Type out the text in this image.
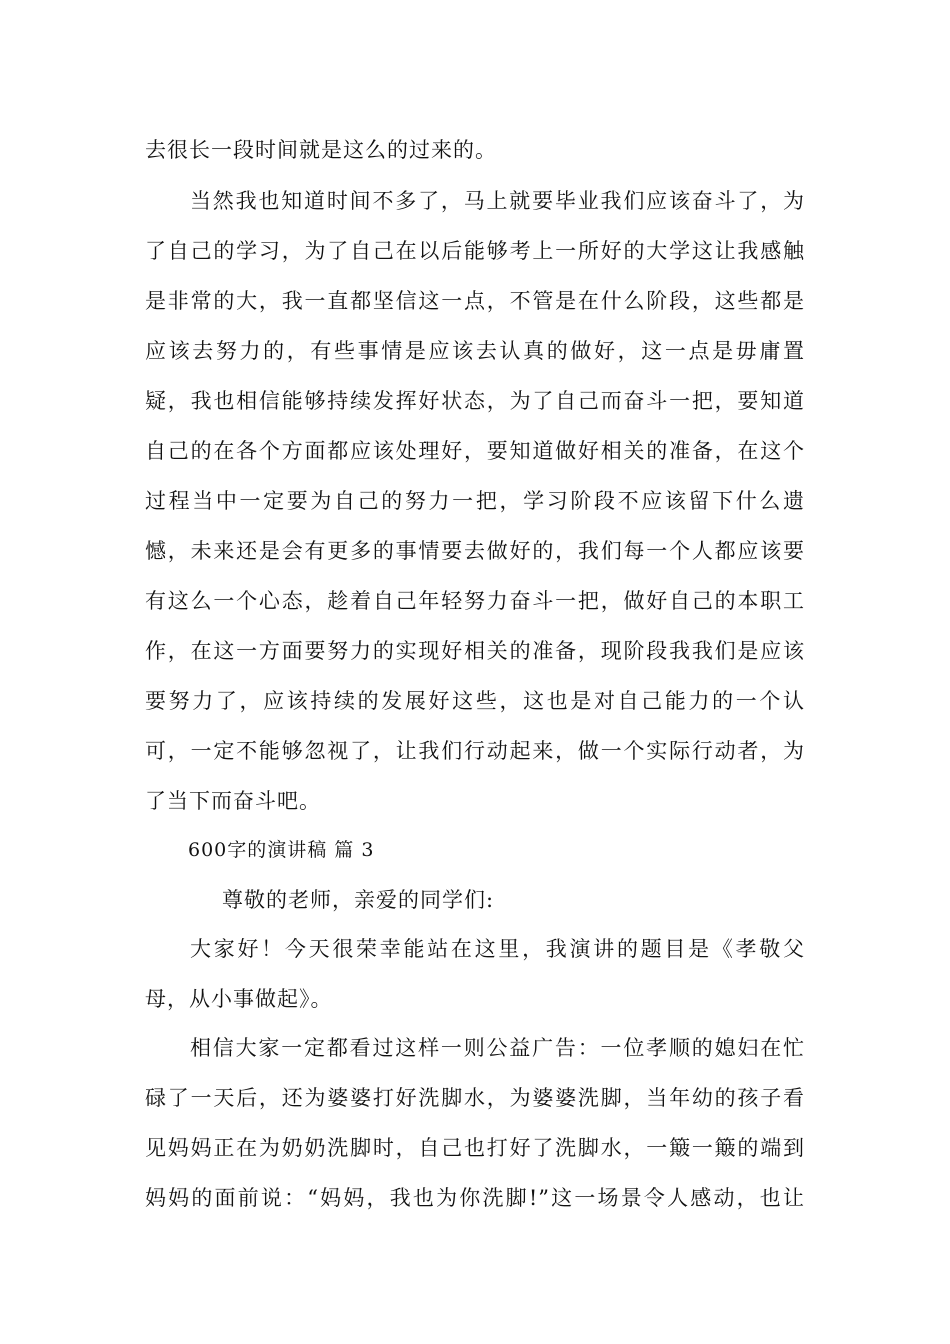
去很长一段时间就是这么的过来的。
当然我也知道时间不多了，马上就要毕业我们应该奋斗了，为
了自己的学习，为了自己在以后能够考上一所好的大学这让我感触
是非常的大，我一直都坚信这一点，不管是在什么阶段，这些都是
应该去努力的，有些事情是应该去认真的做好，这一点是毋庸置
疑，我也相信能够持续发挥好状态，为了自己而奋斗一把，要知道
自己的在各个方面都应该处理好，要知道做好相关的准备，在这个
过程当中一定要为自己的努力一把，学习阶段不应该留下什么遗
憾，未来还是会有更多的事情要去做好的，我们每一个人都应该要
有这么一个心态，趁着自己年轻努力奋斗一把，做好自己的本职工
作，在这一方面要努力的实现好相关的准备，现阶段我我们是应该
要努力了，应该持续的发展好这些，这也是对自己能力的一个认
可，一定不能够忽视了，让我们行动起来，做一个实际行动者，为
了当下而奋斗吧。
600字的演讲稿 篇 3
尊敬的老师，亲爱的同学们:
大家好！今天很荣幸能站在这里，我演讲的题目是《孝敬父
母，从小事做起》。
相信大家一定都看过这样一则公益广告：一位孝顺的媳妇在忙
碌了一天后，还为婆婆打好洗脚水，为婆婆洗脚，当年幼的孩子看
见妈妈正在为奶奶洗脚时，自己也打好了洗脚水，一簸一簸的端到
妈妈的面前说：“妈妈，我也为你洗脚!”这一场景令人感动，也让
